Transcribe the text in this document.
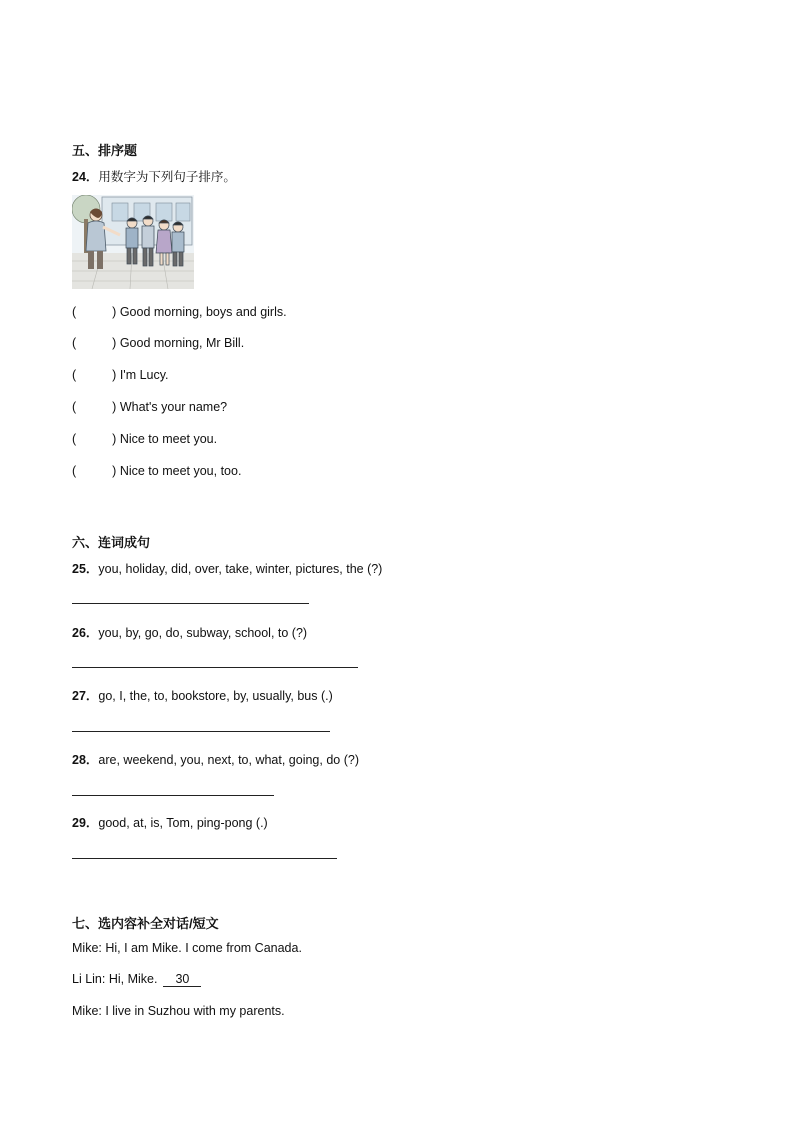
五、排序题
24．用数字为下列句子排序。
(	) Good morning, boys and girls.
(	) Good morning, Mr Bill.
(	) I'm Lucy.
(	) What's your name?
(	) Nice to meet you.
(	) Nice to meet you, too.
六、连词成句
25．you, holiday, did, over, take, winter, pictures, the (?)
26．you, by, go, do, subway, school, to (?)
27．go, I, the, to, bookstore, by, usually, bus (.)
28．are, weekend, you, next, to, what, going, do (?)
29．good, at, is, Tom, ping-pong (.)
七、选内容补全对话/短文
Mike: Hi, I am Mike. I come from Canada.
Li Lin: Hi, Mike. 30
Mike: I live in Suzhou with my parents.
